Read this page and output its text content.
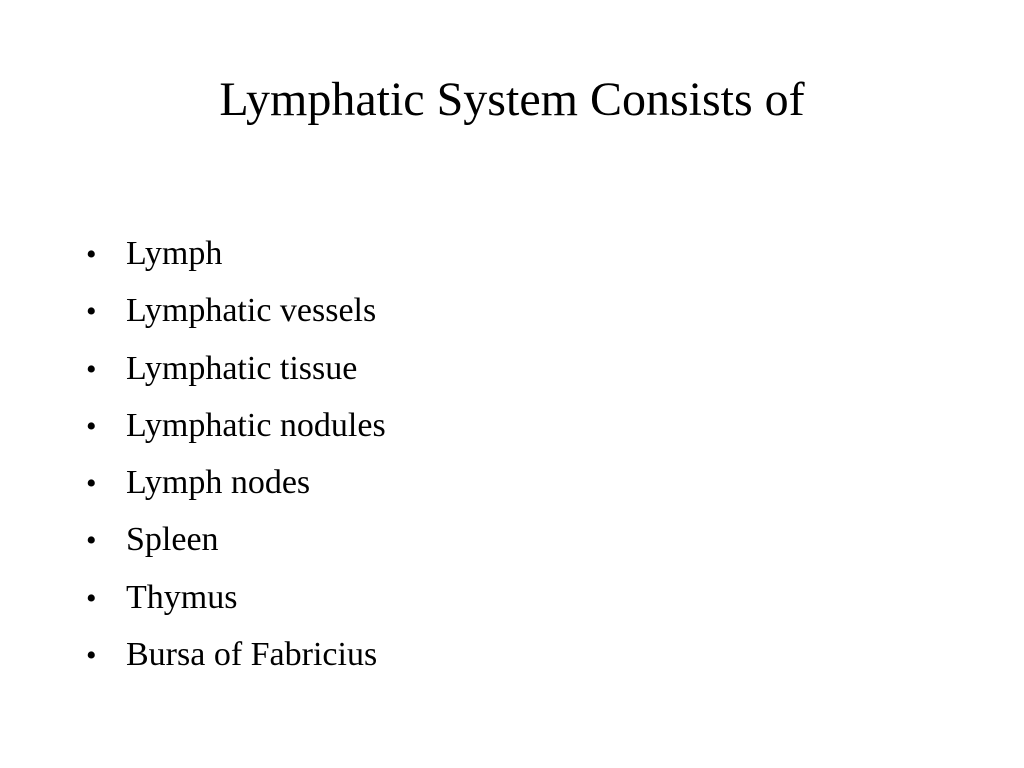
Lymphatic System Consists of
• Lymph
• Lymphatic vessels
• Lymphatic tissue
• Lymphatic nodules
• Lymph nodes
• Spleen
• Thymus
• Bursa of Fabricius
